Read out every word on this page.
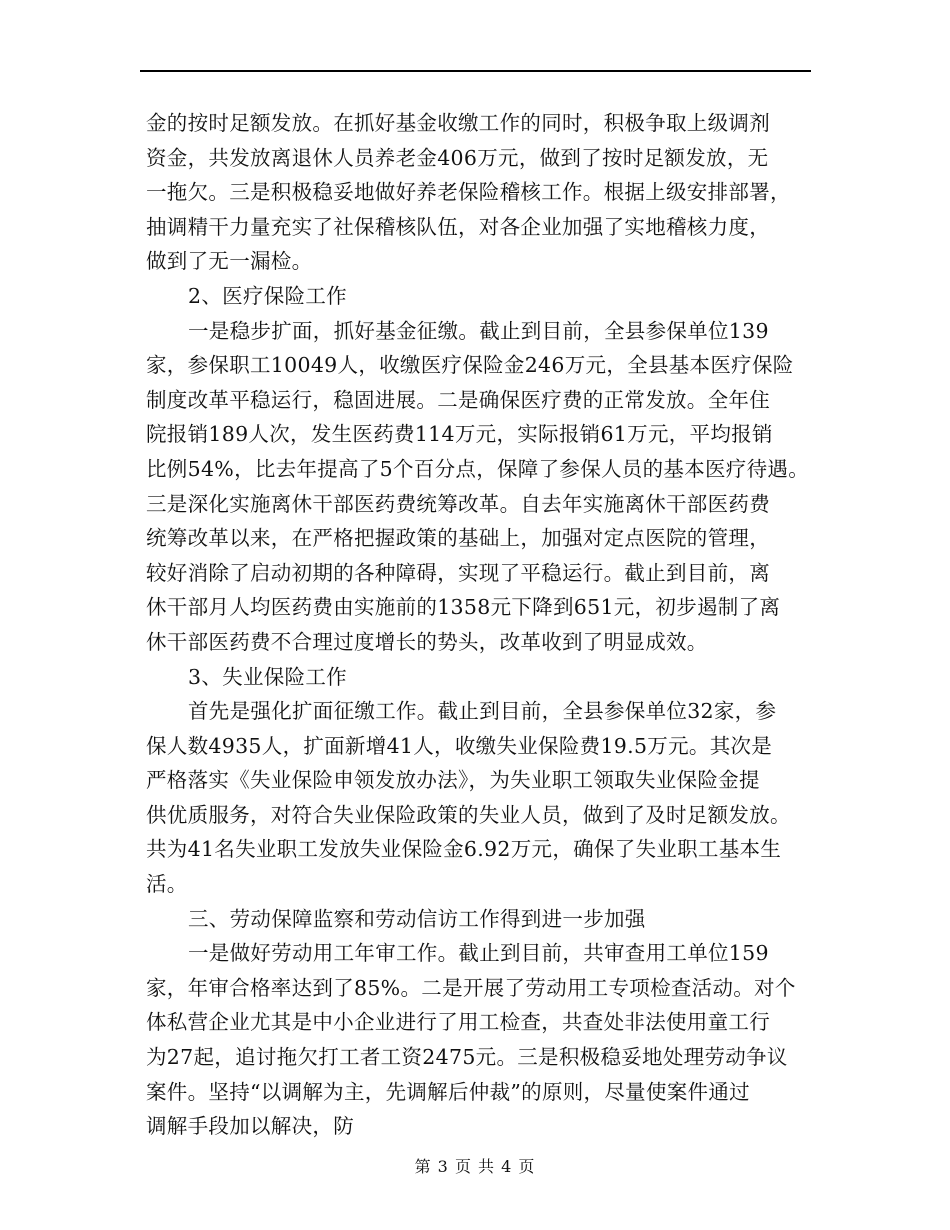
金的按时足额发放。在抓好基金收缴工作的同时，积极争取上级调剂
资金，共发放离退休人员养老金406万元，做到了按时足额发放，无
一拖欠。三是积极稳妥地做好养老保险稽核工作。根据上级安排部署，
抽调精干力量充实了社保稽核队伍，对各企业加强了实地稽核力度，
做到了无一漏检。
2、医疗保险工作
一是稳步扩面，抓好基金征缴。截止到目前，全县参保单位139
家，参保职工10049人，收缴医疗保险金246万元，全县基本医疗保险
制度改革平稳运行，稳固进展。二是确保医疗费的正常发放。全年住
院报销189人次，发生医药费114万元，实际报销61万元，平均报销
比例54%，比去年提高了5个百分点，保障了参保人员的基本医疗待遇。
三是深化实施离休干部医药费统筹改革。自去年实施离休干部医药费
统筹改革以来，在严格把握政策的基础上，加强对定点医院的管理，
较好消除了启动初期的各种障碍，实现了平稳运行。截止到目前，离
休干部月人均医药费由实施前的1358元下降到651元，初步遏制了离
休干部医药费不合理过度增长的势头，改革收到了明显成效。
3、失业保险工作
首先是强化扩面征缴工作。截止到目前，全县参保单位32家，参
保人数4935人，扩面新增41人，收缴失业保险费19.5万元。其次是
严格落实《失业保险申领发放办法》，为失业职工领取失业保险金提
供优质服务，对符合失业保险政策的失业人员，做到了及时足额发放。
共为41名失业职工发放失业保险金6.92万元，确保了失业职工基本生
活。
三、劳动保障监察和劳动信访工作得到进一步加强
一是做好劳动用工年审工作。截止到目前，共审查用工单位159
家，年审合格率达到了85%。二是开展了劳动用工专项检查活动。对个
体私营企业尤其是中小企业进行了用工检查，共查处非法使用童工行
为27起，追讨拖欠打工者工资2475元。三是积极稳妥地处理劳动争议
案件。坚持“以调解为主，先调解后仲裁”的原则，尽量使案件通过
调解手段加以解决，防
第 3 页 共 4 页
